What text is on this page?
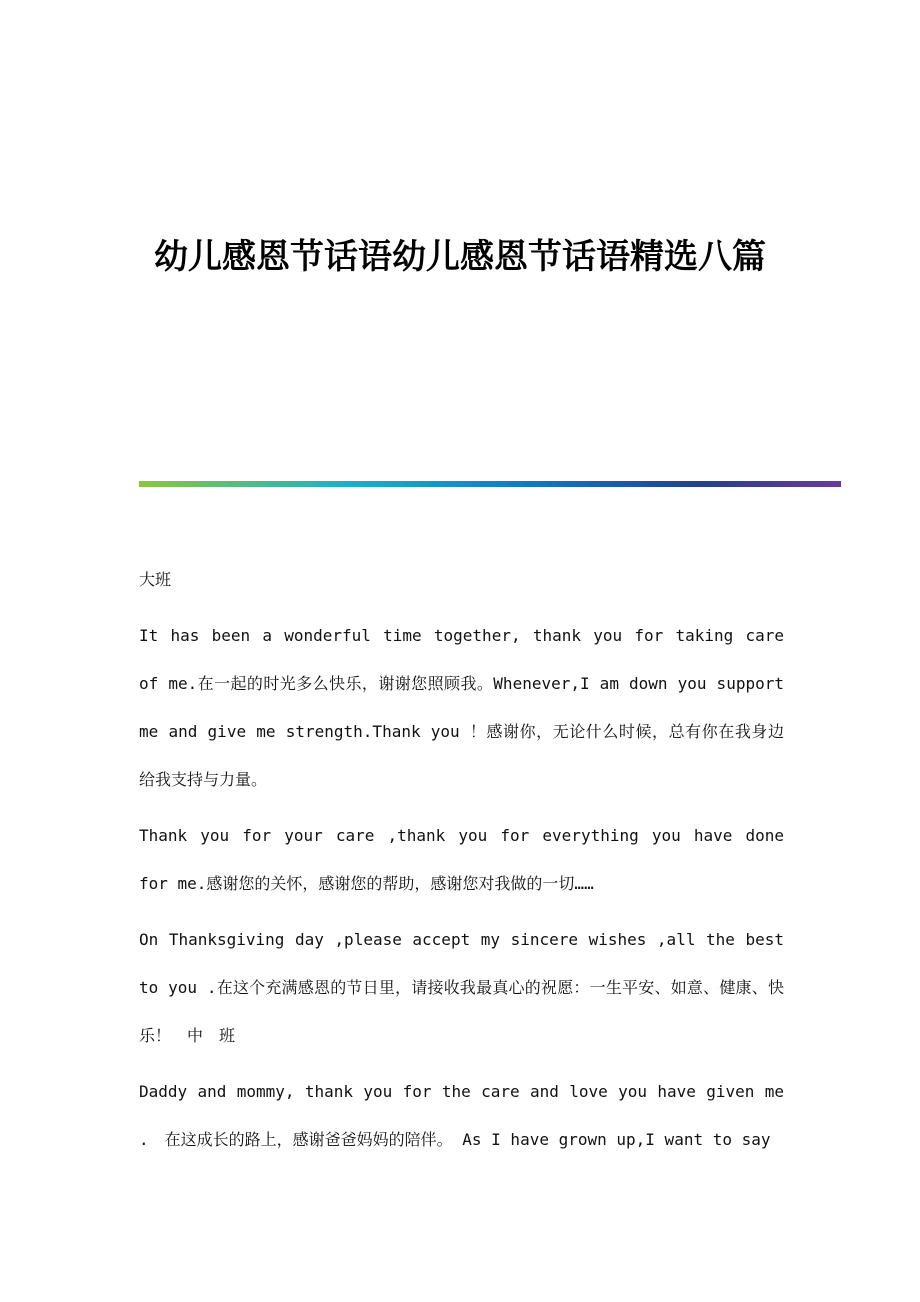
幼儿感恩节话语幼儿感恩节话语精选八篇

大班

It has been a wonderful time together, thank you for taking care of me.在一起的时光多么快乐，谢谢您照顾我。Whenever,I am down you support me and give me strength.Thank you ！感谢你，无论什么时候，总有你在我身边给我支持与力量。

Thank you for your care ,thank you for everything you have done for me.感谢您的关怀，感谢您的帮助，感谢您对我做的一切……

On Thanksgiving day ,please accept my sincere wishes ,all the best to you .在这个充满感恩的节日里，请接收我最真心的祝愿：一生平安、如意、健康、快乐！　中　班

Daddy and mommy, thank you for the care and love you have given me .　在这成长的路上，感谢爸爸妈妈的陪伴。 As I have grown up,I want to say
